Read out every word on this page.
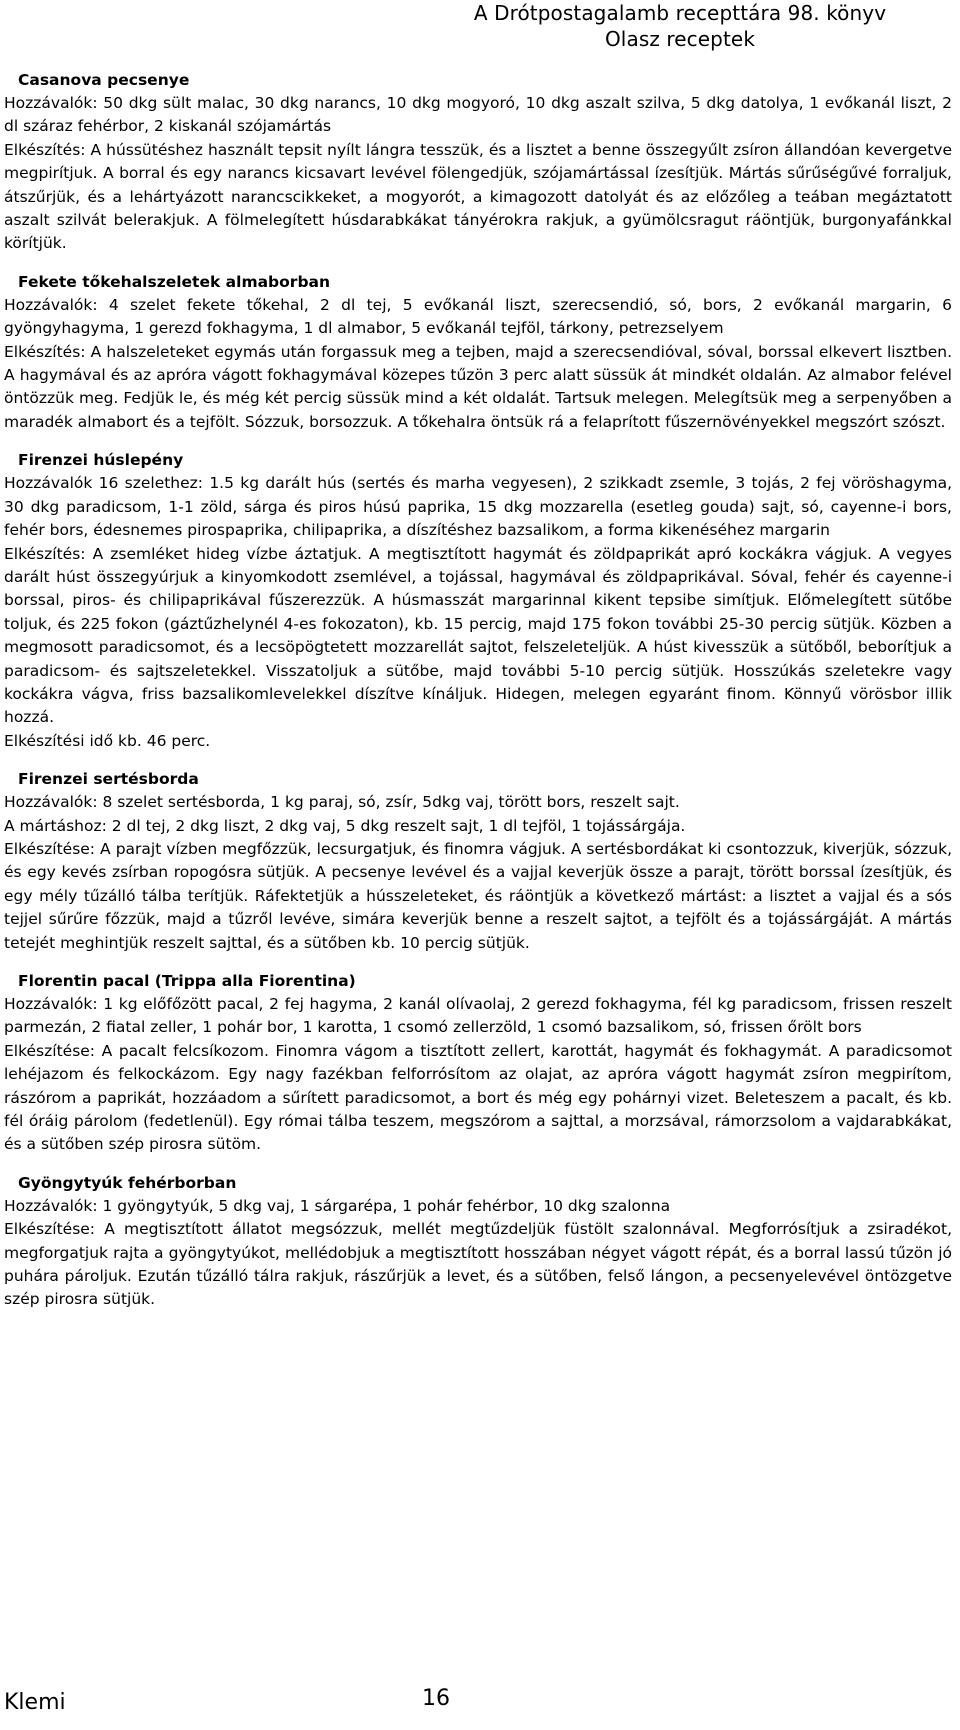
A Drótpostagalamb recepttára 98. könyv
Olasz receptek
Casanova pecsenye

Hozzávalók: 50 dkg sült malac, 30 dkg narancs, 10 dkg mogyoró, 10 dkg aszalt szilva, 5 dkg datolya, 1 evőkanál liszt, 2 dl száraz fehérbor, 2 kiskanál szójamártás

Elkészítés: A hússütéshez használt tepsit nyílt lángra tesszük, és a lisztet a benne összegyűlt zsíron állandóan kevergetve megpirítjuk. A borral és egy narancs kicsavart levével fölengedjük, szójamártással ízesítjük. Mártás sűrűségűvé forraljuk, átszűrjük, és a lehártyázott narancscikkeket, a mogyorót, a kimagozott datolyát és az előzőleg a teában megáztatott aszalt szilvát belerakjuk. A fölmelegített húsdarabkákat tányérokra rakjuk, a gyümölcsragut ráöntjük, burgonyafánkkal körítjük.

Fekete tőkehalszeletek almaborban

Hozzávalók: 4 szelet fekete tőkehal, 2 dl tej, 5 evőkanál liszt, szerecsendió, só, bors, 2 evőkanál margarin, 6 gyöngyhagyma, 1 gerezd fokhagyma, 1 dl almabor, 5 evőkanál tejföl, tárkony, petrezselyem

Elkészítés: A halszeleteket egymás után forgassuk meg a tejben, majd a szerecsendióval, sóval, borssal elkevert lisztben. A hagymával és az apróra vágott fokhagymával közepes tűzön 3 perc alatt süssük át mindkét oldalán. Az almabor felével öntözzük meg. Fedjük le, és még két percig süssük mind a két oldalát. Tartsuk melegen. Melegítsük meg a serpenyőben a maradék almabort és a tejfölt. Sózzuk, borsozzuk. A tőkehalra öntsük rá a felaprított fűszernövényekkel megszórt szószt.

Firenzei húslepény

Hozzávalók 16 szelethez: 1.5 kg darált hús (sertés és marha vegyesen), 2 szikkadt zsemle, 3 tojás, 2 fej vöröshagyma, 30 dkg paradicsom, 1-1 zöld, sárga és piros húsú paprika, 15 dkg mozzarella (esetleg gouda) sajt, só, cayenne-i bors, fehér bors, édesnemes pirospaprika, chilipaprika, a díszítéshez bazsalikom, a forma kikenéséhez margarin

Elkészítés: A zsemléket hideg vízbe áztatjuk. A megtisztított hagymát és zöldpaprikát apró kockákra vágjuk. A vegyes darált húst összegyúrjuk a kinyomkodott zsemlével, a tojással, hagymával és zöldpaprikával. Sóval, fehér és cayenne-i borssal, piros- és chilipaprikával fűszerezzük. A húsmasszát margarinnal kikent tepsibe simítjuk. Előmelegített sütőbe toljuk, és 225 fokon (gáztűzhelynél 4-es fokozaton), kb. 15 percig, majd 175 fokon további 25-30 percig sütjük. Közben a megmosott paradicsomot, és a lecsöpögtetett mozzarellát sajtot, felszeleteljük. A húst kivesszük a sütőből, beborítjuk a paradicsom- és sajtszeletekkel. Visszatoljuk a sütőbe, majd további 5-10 percig sütjük. Hosszúkás szeletekre vagy kockákra vágva, friss bazsalikomlevelekkel díszítve kínáljuk. Hidegen, melegen egyaránt finom. Könnyű vörösbor illik hozzá.

Elkészítési idő kb. 46 perc.

Firenzei sertésborda

Hozzávalók: 8 szelet sertésborda, 1 kg paraj, só, zsír, 5dkg vaj, törött bors, reszelt sajt.

A mártáshoz: 2 dl tej, 2 dkg liszt, 2 dkg vaj, 5 dkg reszelt sajt, 1 dl tejföl, 1 tojássárgája.

Elkészítése: A parajt vízben megfőzzük, lecsurgatjuk, és finomra vágjuk. A sertésbordákat ki csontozzuk, kiverjük, sózzuk, és egy kevés zsírban ropogósra sütjük. A pecsenye levével és a vajjal keverjük össze a parajt, törött borssal ízesítjük, és egy mély tűzálló tálba terítjük. Ráfektetjük a hússzeleteket, és ráöntjük a következő mártást: a lisztet a vajjal és a sós tejjel sűrűre főzzük, majd a tűzről levéve, simára keverjük benne a reszelt sajtot, a tejfölt és a tojássárgáját. A mártás tetejét meghintjük reszelt sajttal, és a sütőben kb. 10 percig sütjük.

Florentin pacal (Trippa alla Fiorentina)

Hozzávalók: 1 kg előfőzött pacal, 2 fej hagyma, 2 kanál olívaolaj, 2 gerezd fokhagyma, fél kg paradicsom, frissen reszelt parmezán, 2 fiatal zeller, 1 pohár bor, 1 karotta, 1 csomó zellerzöld, 1 csomó bazsalikom, só, frissen őrölt bors

Elkészítése: A pacalt felcsíkozom. Finomra vágom a tisztított zellert, karottát, hagymát és fokhagymát. A paradicsomot lehéjazom és felkockázom. Egy nagy fazékban felforrósítom az olajat, az apróra vágott hagymát zsíron megpirítom, rászórom a paprikát, hozzáadom a sűrített paradicsomot, a bort és még egy pohárnyi vizet. Beleteszem a pacalt, és kb. fél óráig párolom (fedetlenül). Egy római tálba teszem, megszórom a sajttal, a morzsával, rámorzsolom a vajdarabkákat, és a sütőben szép pirosra sütöm.

Gyöngytyúk fehérborban

Hozzávalók: 1 gyöngytyúk, 5 dkg vaj, 1 sárgarépa, 1 pohár fehérbor, 10 dkg szalonna

Elkészítése: A megtisztított állatot megsózzuk, mellét megtűzdeljük füstölt szalonnával. Megforrósítjuk a zsiradékot, megforgatjuk rajta a gyöngytyúkot, mellédobjuk a megtisztított hosszában négyet vágott répát, és a borral lassú tűzön jó puhára pároljuk. Ezután tűzálló tálra rakjuk, rászűrjük a levet, és a sütőben, felső lángon, a pecsenyelevével öntözgetve szép pirosra sütjük.

Klemi	16
